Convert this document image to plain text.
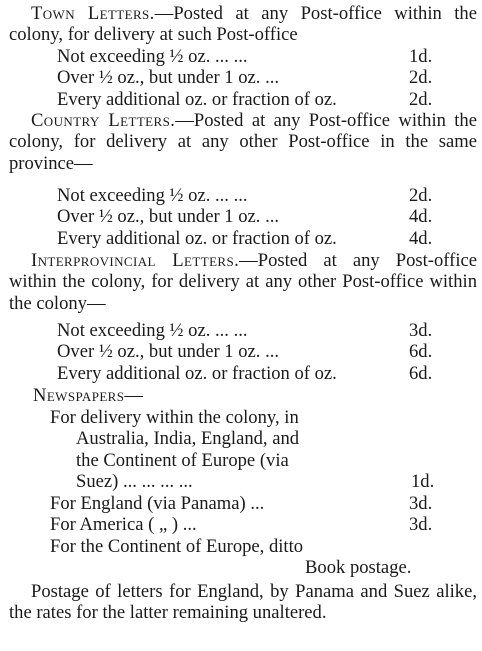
Town Letters.—Posted at any Post-office within the colony, for delivery at such Post-office

Not exceeding ½ oz. ... ...	1d.
Over ½ oz., but under 1 oz. ...	2d.
Every additional oz. or fraction of oz.	2d.

Country Letters.—Posted at any Post-office within the colony, for delivery at any other Post-office in the same province—

Not exceeding ½ oz. ... ...	2d.
Over ½ oz., but under 1 oz. ...	4d.
Every additional oz. or fraction of oz.	4d.

Interprovincial Letters.—Posted at any Post-office within the colony, for delivery at any other Post-office within the colony—

Not exceeding ½ oz. ... ...	3d.
Over ½ oz., but under 1 oz. ...	6d.
Every additional oz. or fraction of oz.	6d.
Newspapers—
For delivery within the colony, in
Australia, India, England, and
the Continent of Europe (via
Suez) ... ... ... ...	1d.
For England (via Panama) ...	3d.
For America ( „ ) ...	3d.
For the Continent of Europe, ditto
Book postage.

Postage of letters for England, by Panama and Suez alike, the rates for the latter remaining unaltered.
